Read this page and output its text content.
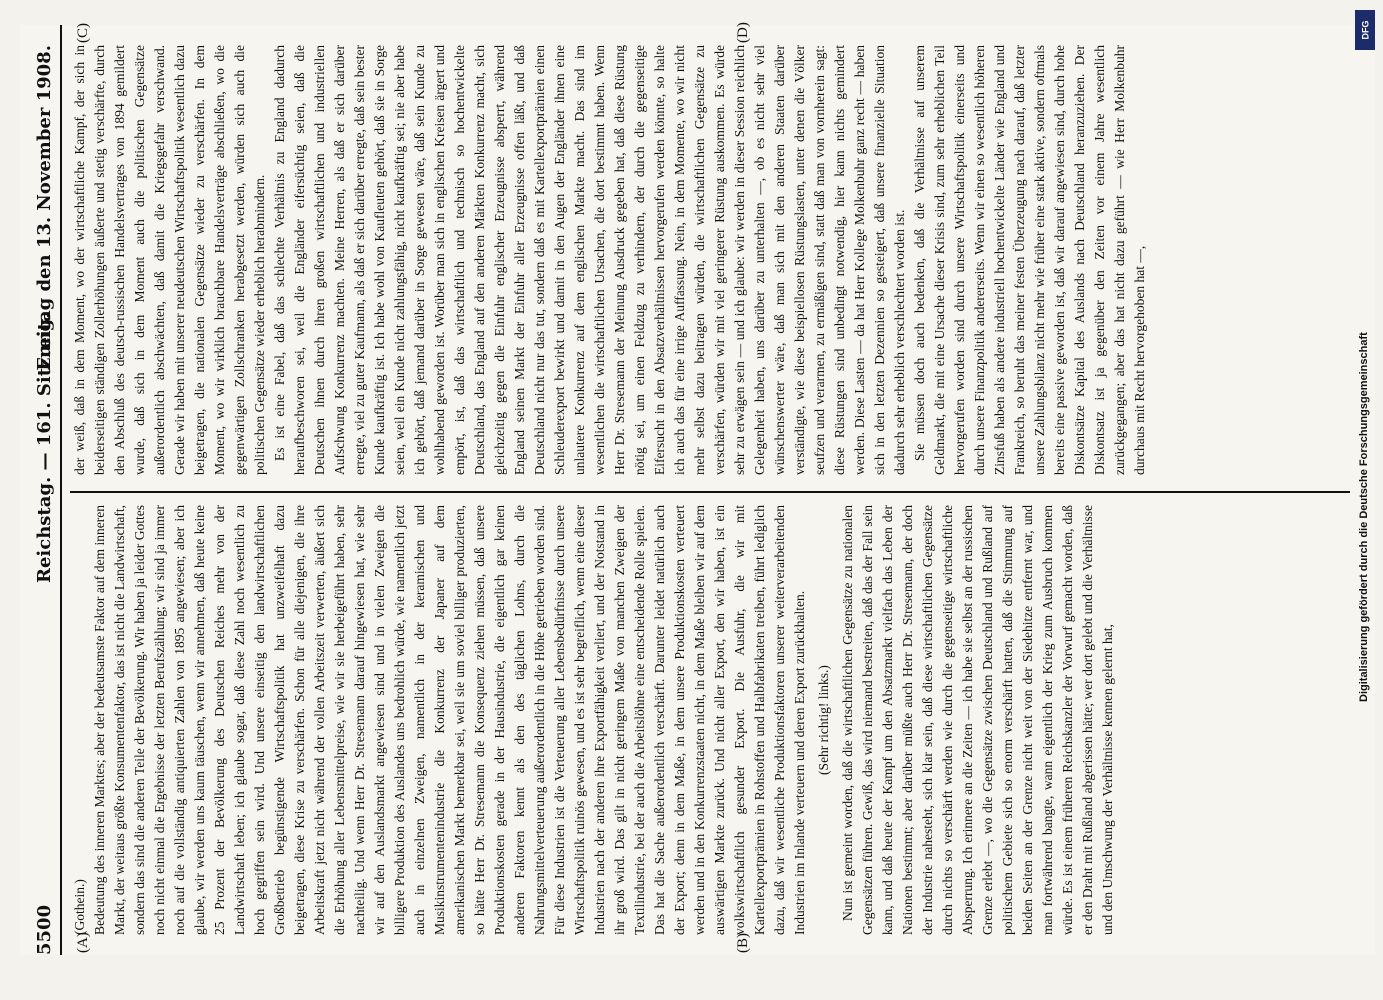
5500
Reichstag. — 161. Sitzung.
Freitag den 13. November 1908.
(A)	(B)
(C)	(D)

(Gothein.) Bedeutung des inneren Marktes; aber der bedeutsamste Faktor auf dem inneren Markt, der weitaus größte Konsumentenfaktor, das ist nicht die Landwirtschaft, sondern das sind die anderen Teile der Bevölkerung. Wir haben ja leider Gottes noch nicht einmal die Ergebnisse der letzten Berufszählung; wir sind ja immer noch auf die vollständig antiquierten Zahlen von 1895 angewiesen; aber ich glaube, wir werden uns kaum täuschen, wenn wir annehmen, daß heute keine 25 Prozent der Bevölkerung des Deutschen Reiches mehr von der Landwirtschaft leben; ich glaube sogar, daß diese Zahl noch wesentlich zu hoch gegriffen sein wird. Und unsere einseitig den landwirtschaftlichen Großbetrieb begünstigende Wirtschaftspolitik hat unzweifelhaft dazu beigetragen, diese Krise zu verschärfen. Schon für alle diejenigen, die ihre Arbeitskraft jetzt nicht während der vollen Arbeitszeit verwerten, äußert sich die Erhöhung aller Lebensmittelpreise, wie wir sie herbeigeführt haben, sehr nachteilig. Und wenn Herr Dr. Stresemann darauf hingewiesen hat, wie sehr wir auf den Auslandsmarkt angewiesen sind und in vielen Zweigen die billigere Produktion des Auslandes uns bedrohlich würde, wie namentlich jetzt auch in einzelnen Zweigen, namentlich in der keramischen und Musikinstrumentenindustrie die Konkurrenz der Japaner auf dem amerikanischen Markt bemerkbar sei, weil sie um soviel billiger produzierten, so hätte Herr Dr. Stresemann die Konsequenz ziehen müssen, daß unsere Produktionskosten gerade in der Hausindustrie, die eigentlich gar keinen anderen Faktoren kennt als den des täglichen Lohns, durch die Nahrungsmittelverteuerung außerordentlich in die Höhe getrieben worden sind. Für diese Industrien ist die Verteuerung aller Lebensbedürfnisse durch unsere Wirtschaftspolitik ruinös gewesen, und es ist sehr begreiflich, wenn eine dieser Industrien nach der anderen ihre Exportfähigkeit verliert, und der Notstand in ihr groß wird. Das gilt in nicht geringem Maße von manchen Zweigen der Textilindustrie, bei der auch die Arbeitslöhne eine entscheidende Rolle spielen. Das hat die Sache außerordentlich verschärft. Darunter leidet natürlich auch der Export; denn in dem Maße, in dem unsere Produktionskosten verteuert werden und in den Konkurrenzstaaten nicht, in dem Maße bleiben wir auf dem auswärtigen Markte zurück. Und nicht aller Export, den wir haben, ist ein volkswirtschaftlich gesunder Export. Die Ausfuhr, die wir mit Kartellexportprämien in Rohstoffen und Halbfabrikaten treiben, führt lediglich dazu, daß wir wesentliche Produktionsfaktoren unserer weiterverarbeitenden Industrien im Inlande verteuern und deren Export zurückhalten. (Sehr richtig! links.) Nun ist gemeint worden, daß die wirtschaftlichen Gegensätze zu nationalen Gegensätzen führen. Gewiß, das wird niemand bestreiten, daß das der Fall sein kann, und daß heute der Kampf um den Absatzmarkt vielfach das Leben der Nationen bestimmt; aber darüber müßte auch Herr Dr. Stresemann, der doch der Industrie nahesteht, sich klar sein, daß diese wirtschaftlichen Gegensätze durch nichts so verschärft werden wie durch die gegenseitige wirtschaftliche Absperrung. Ich erinnere an die Zeiten — ich habe sie selbst an der russischen Grenze erlebt —, wo die Gegensätze zwischen Deutschland und Rußland auf politischem Gebiete sich so enorm verschärft hatten, daß die Stimmung auf beiden Seiten an der Grenze nicht weit von der Siedehitze entfernt war, und man fortwährend bangte, wann eigentlich der Krieg zum Ausbruch kommen würde. Es ist einem früheren Reichskanzler der Vorwurf gemacht worden, daß er den Draht mit Rußland abgerissen hätte; wer dort gelebt und die Verhältnisse und den Umschwung der Verhältnisse kennen gelernt hat,

der weiß, daß in dem Moment, wo der wirtschaftliche Kampf, der sich in beiderseitigen ständigen Zollerhöhungen äußerte und stetig verschärfte, durch den Abschluß des deutsch-russischen Handelsvertrages von 1894 gemildert wurde, daß sich in dem Moment auch die politischen Gegensätze außerordentlich abschwächten, daß damit die Kriegsgefahr verschwand. Gerade wir haben mit unserer neudeutschen Wirtschaftspolitik wesentlich dazu beigetragen, die nationalen Gegensätze wieder zu verschärfen. In dem Moment, wo wir wirklich brauchbare Handelsverträge abschließen, wo die gegenwärtigen Zollschranken herabgesetzt werden, würden sich auch die politischen Gegensätze wieder erheblich herabmindern. Es ist eine Fabel, daß das schlechte Verhältnis zu England dadurch heraufbeschworen sei, weil die Engländer eifersüchtig seien, daß die Deutschen ihnen durch ihren großen wirtschaftlichen und industriellen Aufschwung Konkurrenz machten. Meine Herren, als daß er sich darüber erregte, viel zu guter Kaufmann, als daß er sich darüber erregte, daß sein bester Kunde kaufkräftig ist. Ich habe wohl von Kaufleuten gehört, daß sie in Sorge seien, weil ein Kunde nicht zahlungsfähig, nicht kaufkräftig sei; nie aber habe ich gehört, daß jemand darüber in Sorge gewesen wäre, daß sein Kunde zu wohlhabend geworden ist. Worüber man sich in englischen Kreisen ärgert und empört, ist, daß das wirtschaftlich und technisch so hochentwickelte Deutschland, das England auf den anderen Märkten Konkurrenz macht, sich gleichzeitig gegen die Einfuhr englischer Erzeugnisse absperrt, während England seinen Markt der Einfuhr aller Erzeugnisse offen läßt, und daß Deutschland nicht nur das tut, sondern daß es mit Kartellexportprämien einen Schleuderexport bewirkt und damit in den Augen der Engländer ihnen eine unlautere Konkurrenz auf dem englischen Markte macht. Das sind im wesentlichen die wirtschaftlichen Ursachen, die dort bestimmt haben. Wenn Herr Dr. Stresemann der Meinung Ausdruck gegeben hat, daß diese Rüstung nötig sei, um einen Feldzug zu verhindern, der durch die gegenseitige Eifersucht in den Absatzverhältnissen hervorgerufen werden könnte, so halte ich auch das für eine irrige Auffassung. Nein, in dem Momente, wo wir nicht mehr selbst dazu beitragen würden, die wirtschaftlichen Gegensätze zu verschärfen, würden wir mit viel geringerer Rüstung auskommen. Es würde sehr zu erwägen sein — und ich glaube: wir werden in dieser Session reichlich Gelegenheit haben, uns darüber zu unterhalten —, ob es nicht sehr viel wünschenswerter wäre, daß man sich mit den anderen Staaten darüber verständigte, wie diese beispiellosen Rüstungslasten, unter denen die Völker seufzen und verarmen, zu ermäßigen sind, statt daß man von vornherein sagt: diese Rüstungen sind unbedingt notwendig, hier kann nichts gemindert werden. Diese Lasten — da hat Herr Kollege Molkenbuhr ganz recht — haben sich in den letzten Dezennien so gesteigert, daß unsere finanzielle Situation dadurch sehr erheblich verschlechtert worden ist. Sie müssen doch auch bedenken, daß die Verhältnisse auf unserem Geldmarkt, die mit eine Ursache dieser Krisis sind, zum sehr erheblichen Teil hervorgerufen worden sind durch unsere Wirtschaftspolitik einerseits und durch unsere Finanzpolitik andererseits. Wenn wir einen so wesentlich höheren Zinsfuß haben als andere industriell hochentwickelte Länder wie England und Frankreich, so beruht das meiner festen Überzeugung nach darauf, daß letzter unsere Zahlungsbilanz nicht mehr wie früher eine stark aktive, sondern oftmals bereits eine passive geworden ist, daß wir darauf angewiesen sind, durch hohe Diskontsätze Kapital des Auslands nach Deutschland heranzuziehen. Der Diskontsatz ist ja gegenüber den Zeiten vor einem Jahre wesentlich zurückgegangen; aber das hat nicht dazu geführt — wie Herr Molkenbuhr durchaus mit Recht hervorgehoben hat —,

DFG
Digitalisierung gefördert durch die Deutsche Forschungsgemeinschaft
